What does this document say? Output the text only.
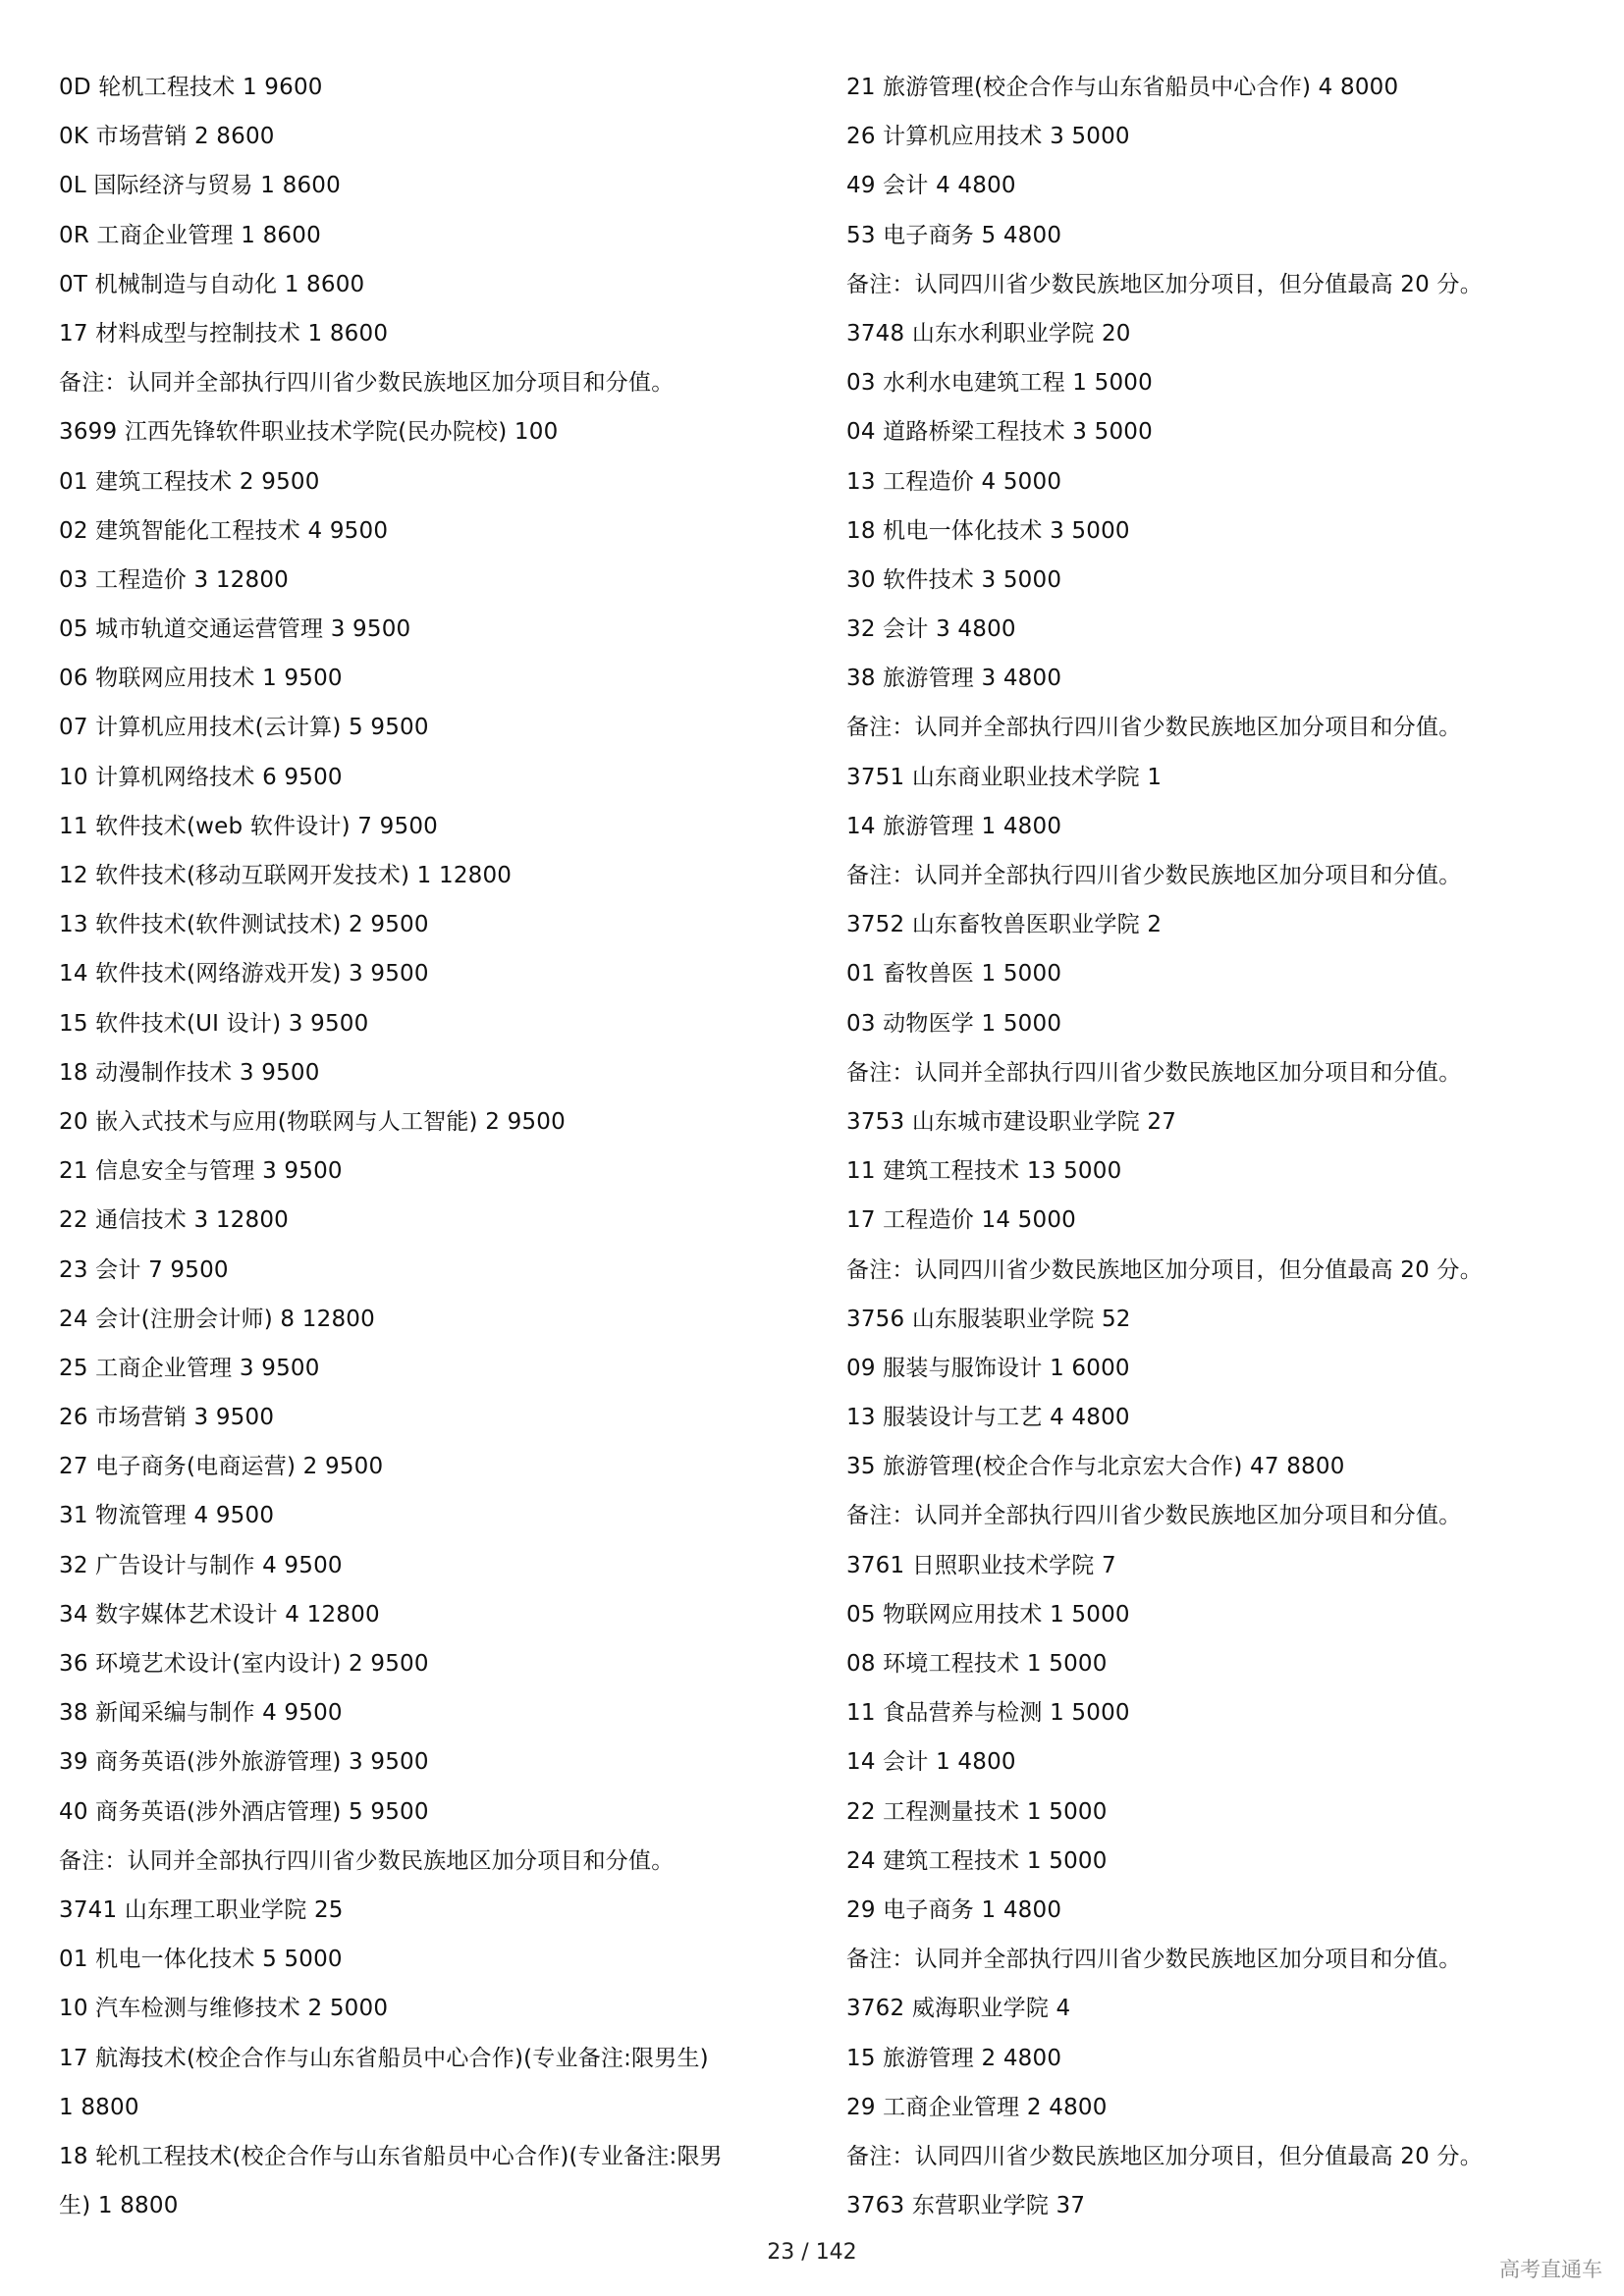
0D 轮机工程技术 1 9600
0K 市场营销 2 8600
0L 国际经济与贸易 1 8600
0R 工商企业管理 1 8600
0T 机械制造与自动化 1 8600
17 材料成型与控制技术 1 8600
备注：认同并全部执行四川省少数民族地区加分项目和分值。
3699 江西先锋软件职业技术学院(民办院校) 100
01 建筑工程技术 2 9500
02 建筑智能化工程技术 4 9500
03 工程造价 3 12800
05 城市轨道交通运营管理 3 9500
06 物联网应用技术 1 9500
07 计算机应用技术(云计算) 5 9500
10 计算机网络技术 6 9500
11 软件技术(web 软件设计) 7 9500
12 软件技术(移动互联网开发技术) 1 12800
13 软件技术(软件测试技术) 2 9500
14 软件技术(网络游戏开发) 3 9500
15 软件技术(UI 设计) 3 9500
18 动漫制作技术 3 9500
20 嵌入式技术与应用(物联网与人工智能) 2 9500
21 信息安全与管理 3 9500
22 通信技术 3 12800
23 会计 7 9500
24 会计(注册会计师) 8 12800
25 工商企业管理 3 9500
26 市场营销 3 9500
27 电子商务(电商运营) 2 9500
31 物流管理 4 9500
32 广告设计与制作 4 9500
34 数字媒体艺术设计 4 12800
36 环境艺术设计(室内设计) 2 9500
38 新闻采编与制作 4 9500
39 商务英语(涉外旅游管理) 3 9500
40 商务英语(涉外酒店管理) 5 9500
备注：认同并全部执行四川省少数民族地区加分项目和分值。
3741 山东理工职业学院 25
01 机电一体化技术 5 5000
10 汽车检测与维修技术 2 5000
17 航海技术(校企合作与山东省船员中心合作)(专业备注:限男生)
1 8800
18 轮机工程技术(校企合作与山东省船员中心合作)(专业备注:限男
生) 1 8800
21 旅游管理(校企合作与山东省船员中心合作) 4 8000
26 计算机应用技术 3 5000
49 会计 4 4800
53 电子商务 5 4800
备注：认同四川省少数民族地区加分项目，但分值最高 20 分。
3748 山东水利职业学院 20
03 水利水电建筑工程 1 5000
04 道路桥梁工程技术 3 5000
13 工程造价 4 5000
18 机电一体化技术 3 5000
30 软件技术 3 5000
32 会计 3 4800
38 旅游管理 3 4800
备注：认同并全部执行四川省少数民族地区加分项目和分值。
3751 山东商业职业技术学院 1
14 旅游管理 1 4800
备注：认同并全部执行四川省少数民族地区加分项目和分值。
3752 山东畜牧兽医职业学院 2
01 畜牧兽医 1 5000
03 动物医学 1 5000
备注：认同并全部执行四川省少数民族地区加分项目和分值。
3753 山东城市建设职业学院 27
11 建筑工程技术 13 5000
17 工程造价 14 5000
备注：认同四川省少数民族地区加分项目，但分值最高 20 分。
3756 山东服装职业学院 52
09 服装与服饰设计 1 6000
13 服装设计与工艺 4 4800
35 旅游管理(校企合作与北京宏大合作) 47 8800
备注：认同并全部执行四川省少数民族地区加分项目和分值。
3761 日照职业技术学院 7
05 物联网应用技术 1 5000
08 环境工程技术 1 5000
11 食品营养与检测 1 5000
14 会计 1 4800
22 工程测量技术 1 5000
24 建筑工程技术 1 5000
29 电子商务 1 4800
备注：认同并全部执行四川省少数民族地区加分项目和分值。
3762 威海职业学院 4
15 旅游管理 2 4800
29 工商企业管理 2 4800
备注：认同四川省少数民族地区加分项目，但分值最高 20 分。
3763 东营职业学院 37
23 / 142
高考直通车
